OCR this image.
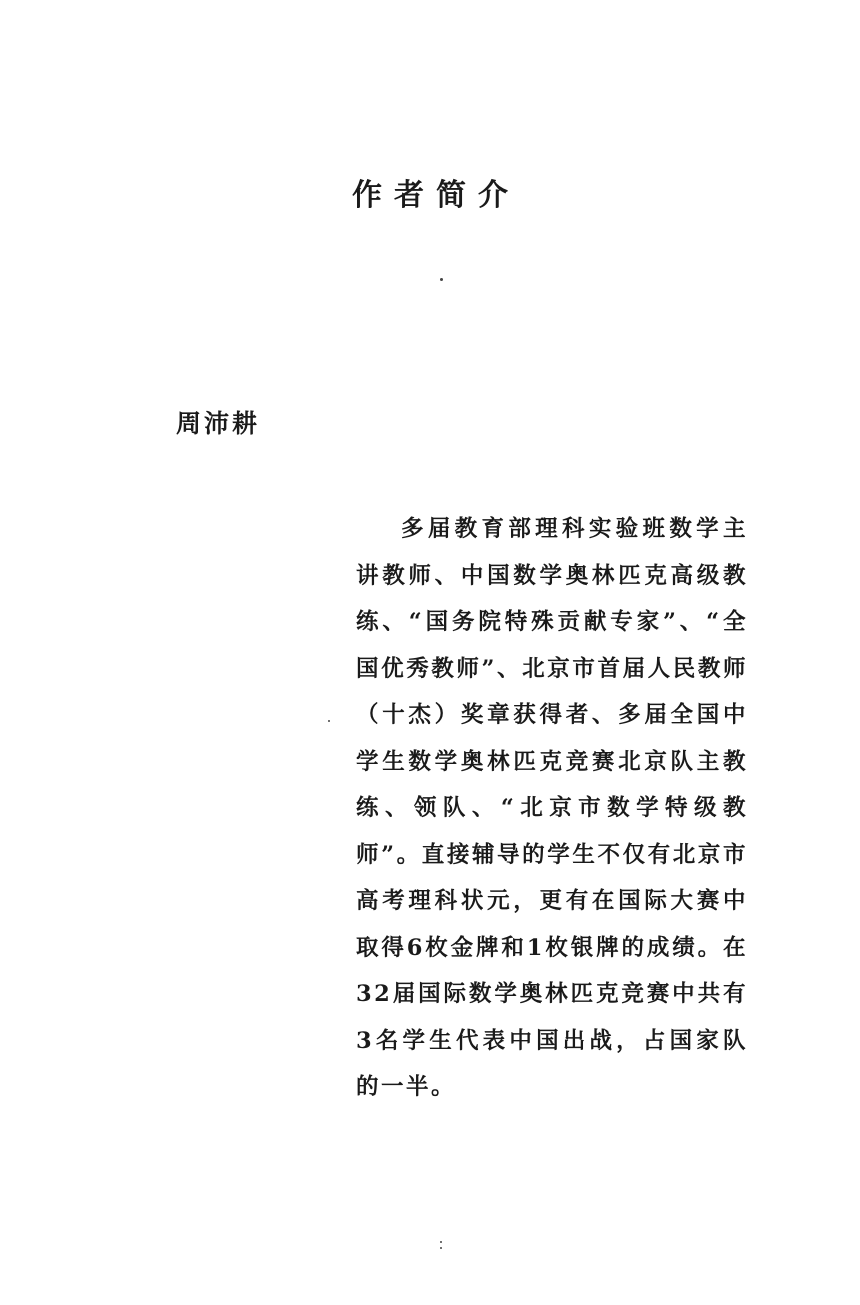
作者简介
周沛耕

多届教育部理科实验班数学主讲教师、中国数学奥林匹克高级教练、“国务院特殊贡献专家”、“全国优秀教师”、北京市首届人民教师（十杰）奖章获得者、多届全国中学生数学奥林匹克竞赛北京队主教练、领队、“北京市数学特级教师”。直接辅导的学生不仅有北京市高考理科状元，更有在国际大赛中取得6枚金牌和1枚银牌的成绩。在32届国际数学奥林匹克竞赛中共有3名学生代表中国出战，占国家队的一半。
